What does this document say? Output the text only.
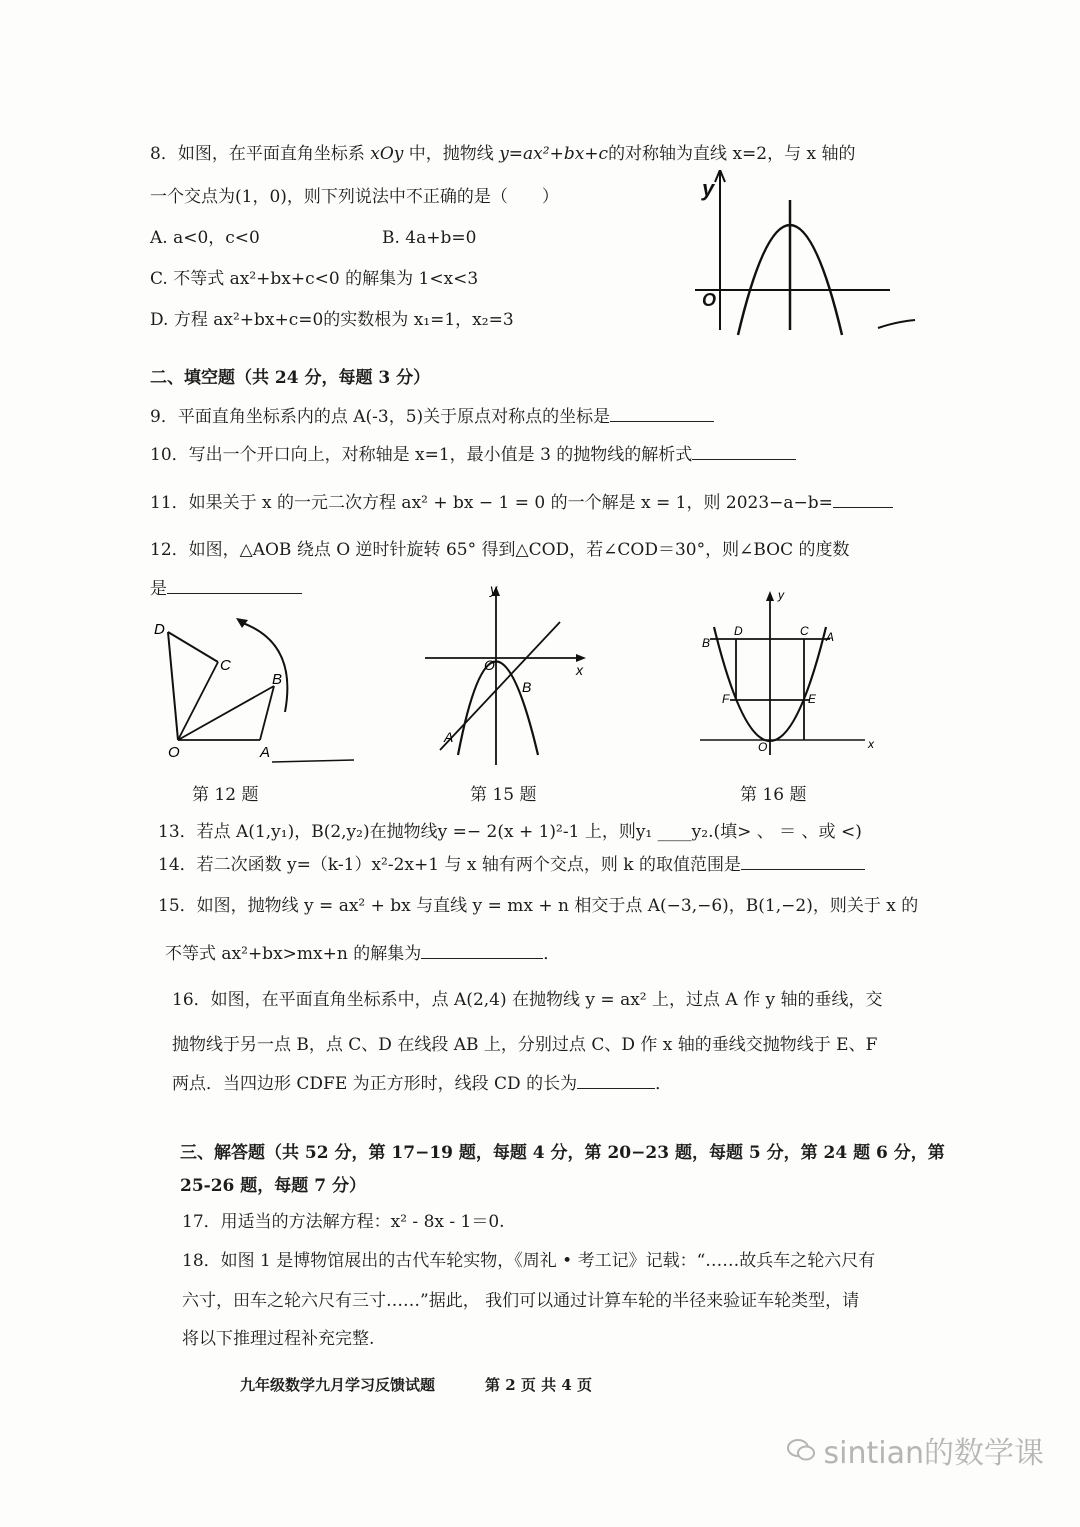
8．如图，在平面直角坐标系 xOy 中，抛物线 y=ax²+bx+c的对称轴为直线 x=2，与 x 轴的
一个交点为(1，0)，则下列说法中不正确的是（　　）
A. a<0，c<0	B. 4a+b=0
C. 不等式 ax²+bx+c<0 的解集为 1<x<3
D. 方程 ax²+bx+c=0的实数根为 x₁=1，x₂=3
y
O
二、填空题（共 24 分，每题 3 分）
9．平面直角坐标系内的点 A(-3，5)关于原点对称点的坐标是
10．写出一个开口向上，对称轴是 x=1，最小值是 3 的抛物线的解析式
11．如果关于 x 的一元二次方程 ax² + bx − 1 = 0 的一个解是 x = 1，则 2023−a−b=
12．如图，△AOB 绕点 O 逆时针旋转 65° 得到△COD，若∠COD＝30°，则∠BOC 的度数
是
D
C
B
O	A
第 12 题
y
x
O
B
A
第 15 题
y
x
O
B
D	C A
F	E
第 16 题
13．若点 A(1,y₁)，B(2,y₂)在抛物线y =− 2(x + 1)²-1 上，则y₁ ____y₂.(填> 、 ＝ 、或 <)
14．若二次函数 y=（k-1）x²-2x+1 与 x 轴有两个交点，则 k 的取值范围是
15．如图，抛物线 y = ax² + bx 与直线 y = mx + n 相交于点 A(−3,−6)，B(1,−2)，则关于 x 的
不等式 ax²+bx>mx+n 的解集为	．
16．如图，在平面直角坐标系中，点 A(2,4) 在抛物线 y = ax² 上，过点 A 作 y 轴的垂线，交
抛物线于另一点 B，点 C、D 在线段 AB 上，分别过点 C、D 作 x 轴的垂线交抛物线于 E、F
两点．当四边形 CDFE 为正方形时，线段 CD 的长为	．
三、解答题（共 52 分，第 17−19 题，每题 4 分，第 20−23 题，每题 5 分，第 24 题 6 分，第
25-26 题，每题 7 分）
17．用适当的方法解方程：x² - 8x - 1＝0.
18．如图 1 是博物馆展出的古代车轮实物，《周礼 • 考工记》记载：“……故兵车之轮六尺有
六寸，田车之轮六尺有三寸……”据此， 我们可以通过计算车轮的半径来验证车轮类型，请
将以下推理过程补充完整.
九年级数学九月学习反馈试题	第 2 页 共 4 页
sintian的数学课
